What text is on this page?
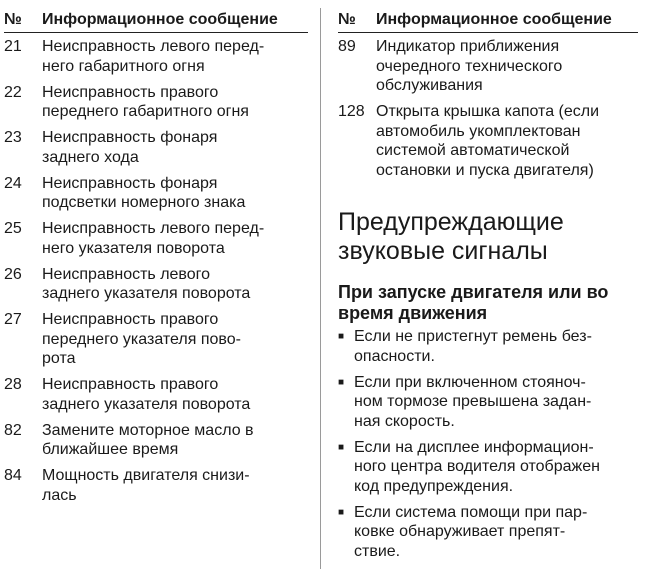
№	Информационное сообщение
21	Неисправность левого перед-
него габаритного огня
22	Неисправность правого
переднего габаритного огня
23	Неисправность фонаря
заднего хода
24	Неисправность фонаря
подсветки номерного знака
25	Неисправность левого перед-
него указателя поворота
26	Неисправность левого
заднего указателя поворота
27	Неисправность правого
переднего указателя пово-
рота
28	Неисправность правого
заднего указателя поворота
82	Замените моторное масло в
ближайшее время
84	Мощность двигателя снизи-
лась
№	Информационное сообщение
89	Индикатор приближения
очередного технического
обслуживания
128 Открыта крышка капота (если
автомобиль укомплектован
системой автоматической
остановки и пуска двигателя)
Предупреждающие
звуковые сигналы
При запуске двигателя или во
время движения
■ Если не пристегнут ремень без-
опасности.
■ Если при включенном стояноч-
ном тормозе превышена задан-
ная скорость.
■ Если на дисплее информацион-
ного центра водителя отображен
код предупреждения.
■ Если система помощи при пар-
ковке обнаруживает препят-
ствие.
